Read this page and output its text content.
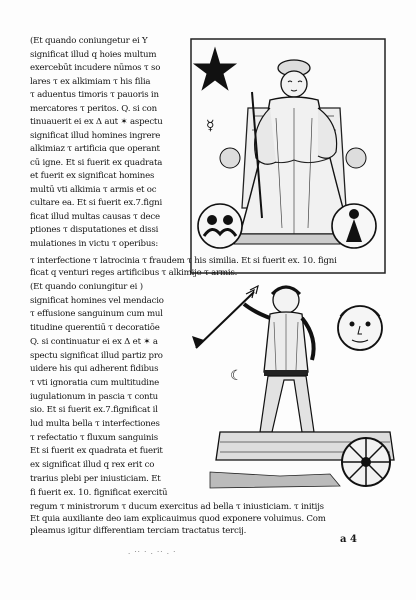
(Et quando coniungetur ei Y
significat illud q hoies multum
exercebūt incudere nūmos τ so
lares τ ex alkimiam τ his filia
τ aduentus timoris τ pauoris in
mercatores τ peritos. Q. si con
tinuauerit ei ex Δ aut ✶ aspectu
significat illud homines ingrere
alkimiaz τ artificia que operant
cū igne. Et si fuerit ex quadrata
et fuerit ex significat homines
multū vti alkimia τ armis et oc
cultare ea. Et si fuerit ex.7.figni
ficat illud multas causas τ dece
ptiones τ disputationes et dissi
mulationes in victu τ operibus:
☿
τ interfectione τ latrocinia τ fraudem τ his similia. Et si fuerit ex. 10. figni
ficat q venturi reges artificibus τ alkimije τ armis.
(Et quando coniungitur ei )
significat homines vel mendacio
τ effusione sanguinum cum mul
titudine querentiū τ decoratiōe
Q. si continuatur ei ex Δ et ✶ a
spectu significat illud partiz pro
uidere his qui adherent fidibus
τ vti ignoratia cum multitudine
iugulationum in pascia τ contu
sio. Et si fuerit ex.7.fignificat il
lud multa bella τ interfectiones
τ refectatio τ fluxum sanguinis
Et si fuerit ex quadrata et fuerit
ex significat illud q rex erit co
trarius plebi per iniusticiam. Et
fi fuerit ex. 10. fignificat exercitū
☾
regum τ ministrorum τ ducum exercitus ad bella τ iniusticiam. τ initijs
Et quia auxiliante deo iam explicauimus quod exponere voluimus. Com
pleamus igitur differentiam terciam tractatus tercij.
. ·· · . ·· . ·
a 4
